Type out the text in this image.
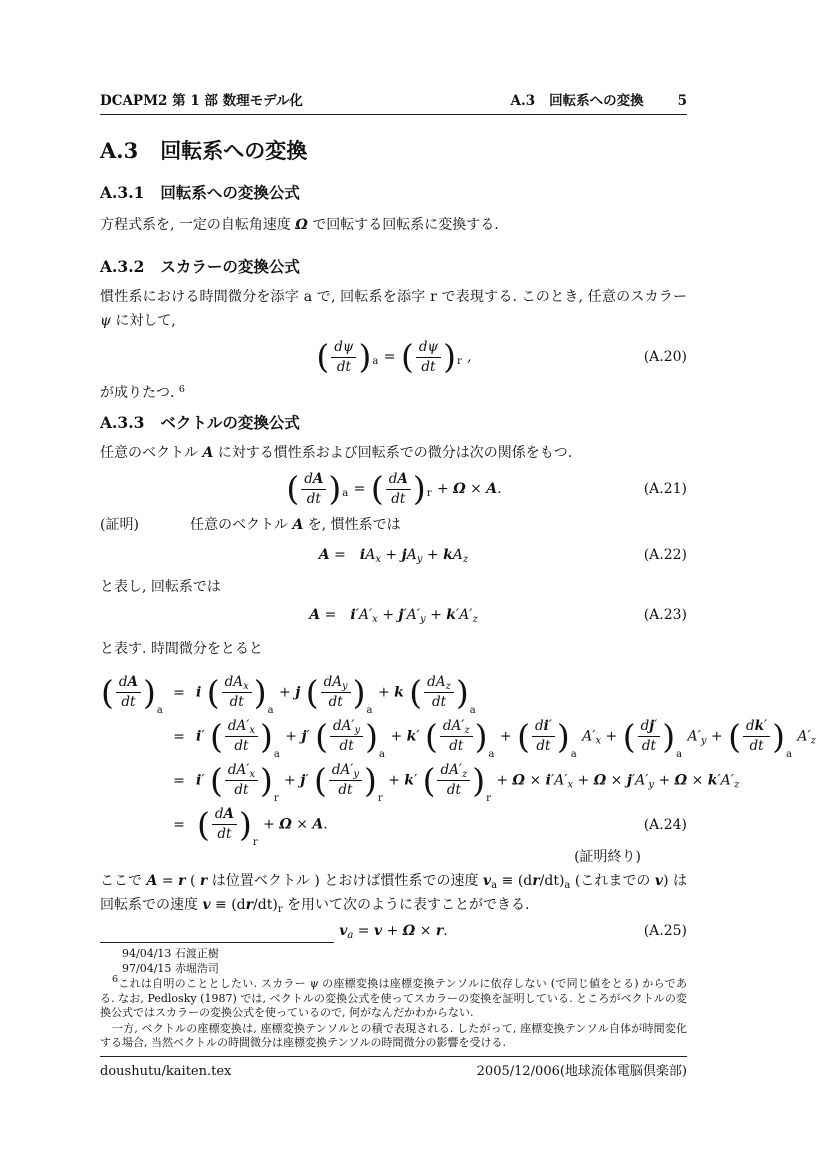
DCAPM2 第 1 部 数理モデル化	A.3 回転系への変換	5
A.3 回転系への変換
A.3.1 回転系への変換公式

方程式系を, 一定の自転角速度 Ω で回転する回転系に変換する.

A.3.2 スカラーの変換公式

慣性系における時間微分を添字 a で, 回転系を添字 r で表現する. このとき, 任意のスカラー ψ に対して,

( dψ
dt ) a = ( dψ
dt ) r ,	(A.20)

が成りたつ. $^6$

A.3.3 ベクトルの変換公式

任意のベクトル A に対する慣性系および回転系での微分は次の関係をもつ.

( dA
dt ) a = ( dA
dt ) r + Ω × A.	(A.21)
(証明)	任意のベクトル A を, 慣性系では
A =  $iA_x + jA_y + kA_z$	(A.22)

と表し, 回転系では

A =  $i'A'_x + j'A'_y + k'A'_z$	(A.23)

と表す. 時間微分をとると

( dA
dt ) a
= i ( $dA_x$
dt ) a
+ j ( $dA_y$
dt ) a
+ k ( $dA_z$
dt ) a
= i′ ( $dA'_x$
dt ) a
+ j′ ( $dA'_y$
dt ) a
+ k′ ( $dA'_z$
dt ) a
+ ( di′
dt ) a
$A'_x$ + ( dj′
dt ) a
$A'_y$ + ( dk′
dt ) a
$A'_z$
= i′ ( $dA'_x$
dt ) r
+ j′ ( $dA'_y$
dt ) r
+ k′ ( $dA'_z$
dt ) r
+ $\Omega \times i'A'_x + \Omega \times j'A'_y + \Omega \times k'A'_z$
= ( dA
dt ) r
+ Ω × A.	(A.24)
(証明終り)

ここで A = r ( r は位置ベクトル ) とおけば慣性系での速度 $v_a \equiv (dr/dt)_a$ (これまでの v) は回転系での速度 $v \equiv (dr/dt)_r$ を用いて次のように表すことができる.

$v_a = v + \Omega \times r$.	(A.25)
94/04/13 石渡正樹
97/04/15 赤堀浩司

$^6$これは自明のこととしたい. スカラー ψ の座標変換は座標変換テンソルに依存しない (で同じ値をとる) からである. なお, Pedlosky (1987) では, ベクトルの変換公式を使ってスカラーの変換を証明している. ところがベクトルの変換公式ではスカラーの変換公式を使っているので, 何がなんだかわからない.

一方, ベクトルの座標変換は, 座標変換テンソルとの積で表現される. したがって, 座標変換テンソル自体が時間変化する場合, 当然ベクトルの時間微分は座標変換テンソルの時間微分の影響を受ける.

doushutu/kaiten.tex	2005/12/006(地球流体電脳倶楽部)
